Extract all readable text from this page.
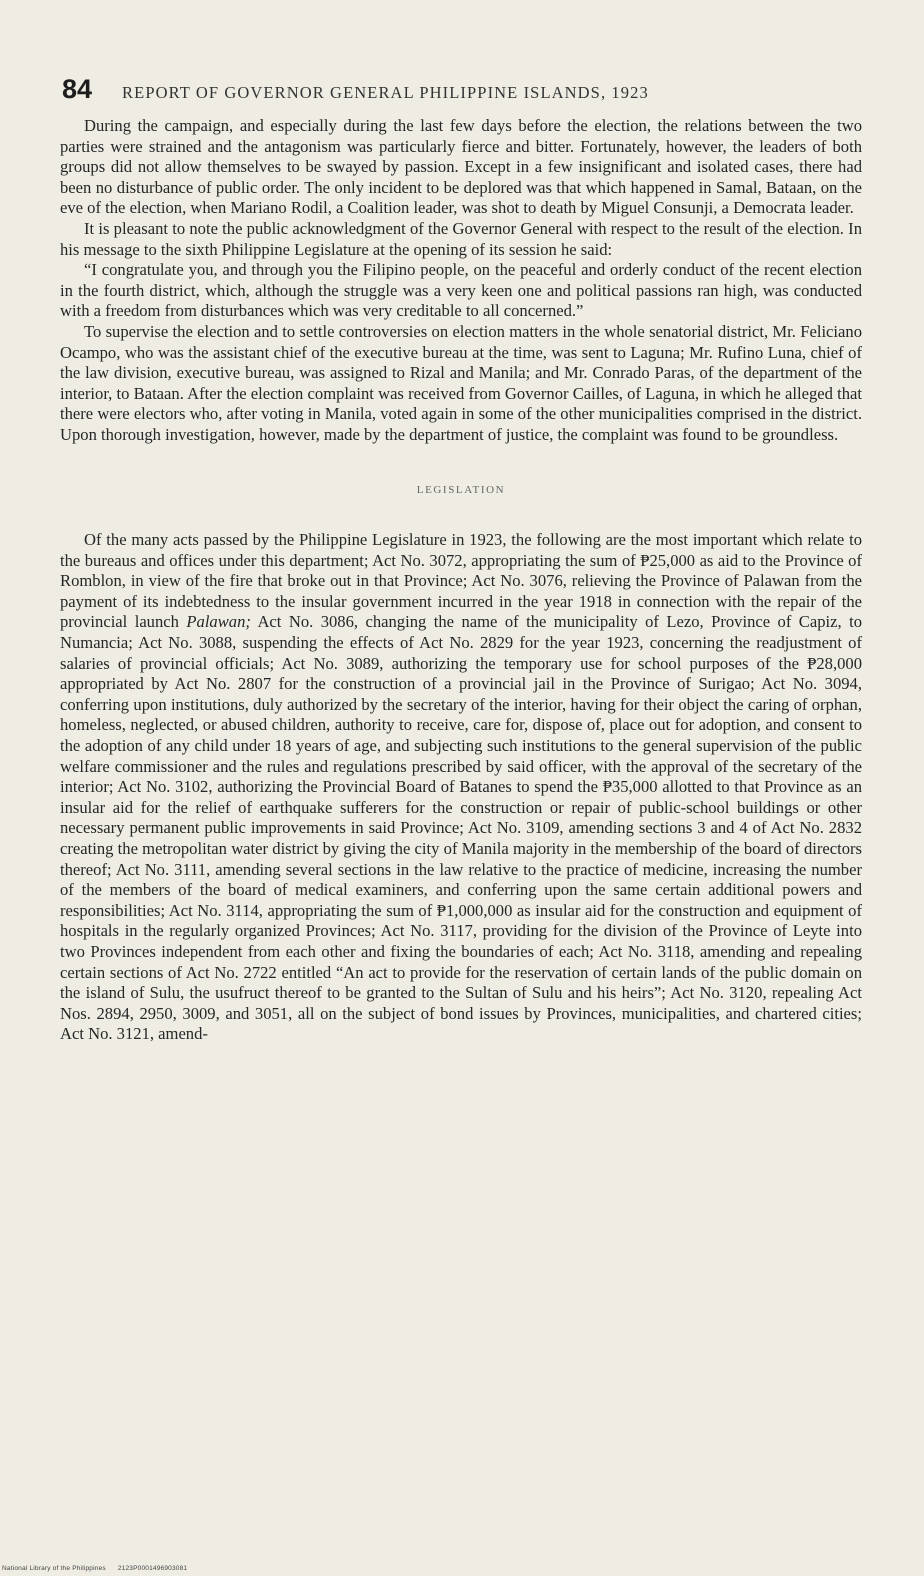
84 REPORT OF GOVERNOR GENERAL PHILIPPINE ISLANDS, 1923

During the campaign, and especially during the last few days before the election, the relations between the two parties were strained and the antagonism was particularly fierce and bitter. Fortunately, however, the leaders of both groups did not allow themselves to be swayed by passion. Except in a few insignificant and isolated cases, there had been no disturbance of public order. The only incident to be deplored was that which happened in Samal, Bataan, on the eve of the election, when Mariano Rodil, a Coalition leader, was shot to death by Miguel Consunji, a Democrata leader.

It is pleasant to note the public acknowledgment of the Governor General with respect to the result of the election. In his message to the sixth Philippine Legislature at the opening of its session he said:

“I congratulate you, and through you the Filipino people, on the peaceful and orderly conduct of the recent election in the fourth district, which, although the struggle was a very keen one and political passions ran high, was conducted with a freedom from disturbances which was very creditable to all concerned.”

To supervise the election and to settle controversies on election matters in the whole senatorial district, Mr. Feliciano Ocampo, who was the assistant chief of the executive bureau at the time, was sent to Laguna; Mr. Rufino Luna, chief of the law division, executive bureau, was assigned to Rizal and Manila; and Mr. Conrado Paras, of the department of the interior, to Bataan. After the election complaint was received from Governor Cailles, of Laguna, in which he alleged that there were electors who, after voting in Manila, voted again in some of the other municipalities comprised in the district. Upon thorough investigation, however, made by the department of justice, the complaint was found to be groundless.

LEGISLATION

Of the many acts passed by the Philippine Legislature in 1923, the following are the most important which relate to the bureaus and offices under this department; Act No. 3072, appropriating the sum of ₱25,000 as aid to the Province of Romblon, in view of the fire that broke out in that Province; Act No. 3076, relieving the Province of Palawan from the payment of its indebtedness to the insular government incurred in the year 1918 in connection with the repair of the provincial launch Palawan; Act No. 3086, changing the name of the municipality of Lezo, Province of Capiz, to Numancia; Act No. 3088, suspending the effects of Act No. 2829 for the year 1923, concerning the readjustment of salaries of provincial officials; Act No. 3089, authorizing the temporary use for school purposes of the ₱28,000 appropriated by Act No. 2807 for the construction of a provincial jail in the Province of Surigao; Act No. 3094, conferring upon institutions, duly authorized by the secretary of the interior, having for their object the caring of orphan, homeless, neglected, or abused children, authority to receive, care for, dispose of, place out for adoption, and consent to the adoption of any child under 18 years of age, and subjecting such institutions to the general supervision of the public welfare commissioner and the rules and regulations prescribed by said officer, with the approval of the secretary of the interior; Act No. 3102, authorizing the Provincial Board of Batanes to spend the ₱35,000 allotted to that Province as an insular aid for the relief of earthquake sufferers for the construction or repair of public-school buildings or other necessary permanent public improvements in said Province; Act No. 3109, amending sections 3 and 4 of Act No. 2832 creating the metropolitan water district by giving the city of Manila majority in the membership of the board of directors thereof; Act No. 3111, amending several sections in the law relative to the practice of medicine, increasing the number of the members of the board of medical examiners, and conferring upon the same certain additional powers and responsibilities; Act No. 3114, appropriating the sum of ₱1,000,000 as insular aid for the construction and equipment of hospitals in the regularly organized Provinces; Act No. 3117, providing for the division of the Province of Leyte into two Provinces independent from each other and fixing the boundaries of each; Act No. 3118, amending and repealing certain sections of Act No. 2722 entitled “An act to provide for the reservation of certain lands of the public domain on the island of Sulu, the usufruct thereof to be granted to the Sultan of Sulu and his heirs”; Act No. 3120, repealing Act Nos. 2894, 2950, 3009, and 3051, all on the subject of bond issues by Provinces, municipalities, and chartered cities; Act No. 3121, amend-

National Library of the Philippines 2123P0001496903081
